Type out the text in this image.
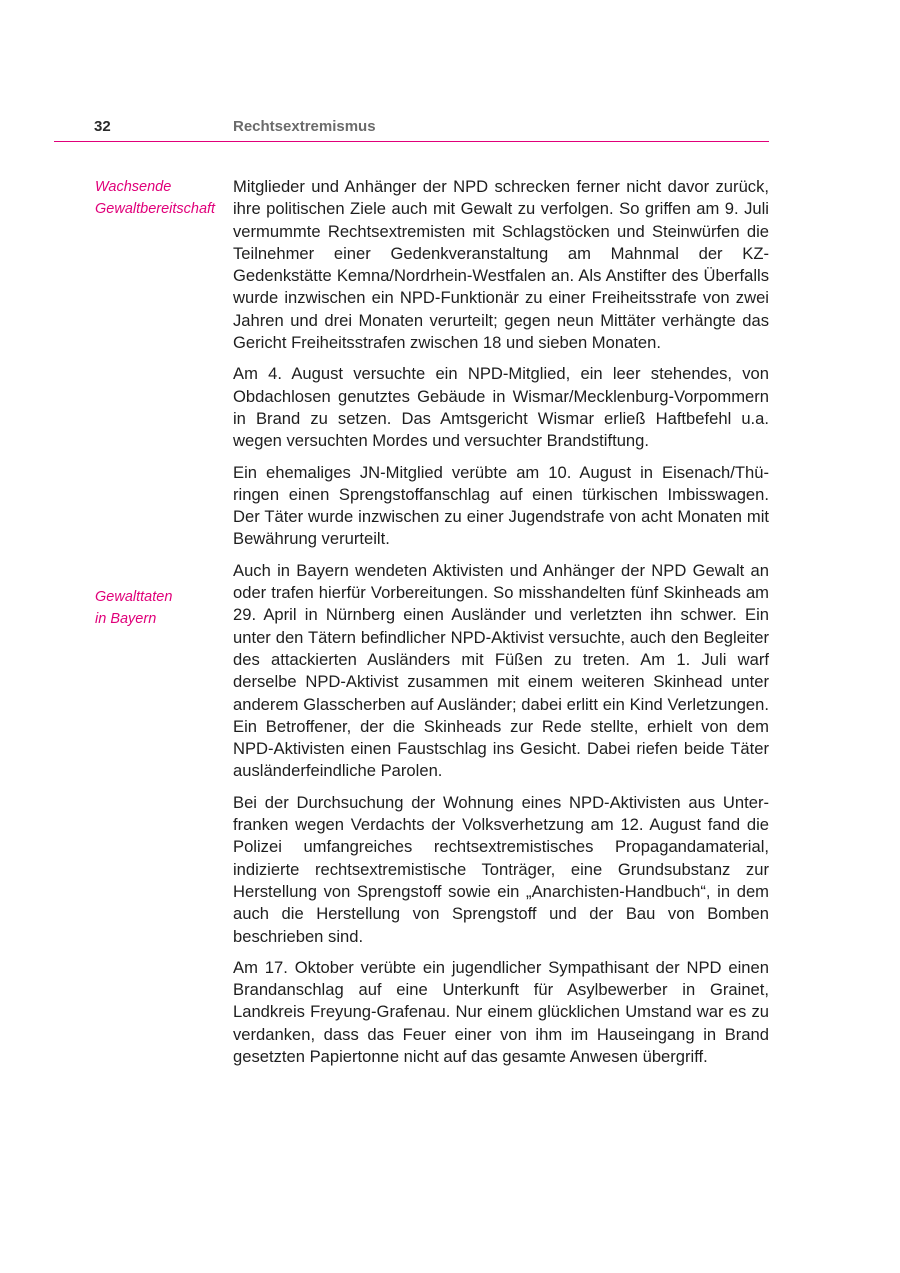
32	Rechtsextremismus
Wachsende
Gewaltbereitschaft
Gewalttaten
in Bayern

Mitglieder und Anhänger der NPD schrecken ferner nicht davor zurück, ihre politischen Ziele auch mit Gewalt zu verfolgen. So griffen am 9. Juli vermummte Rechtsextremisten mit Schlagstöcken und Steinwürfen die Teilnehmer einer Gedenkveranstaltung am Mahnmal der KZ-Gedenkstätte Kemna/Nordrhein-Westfalen an. Als Anstifter des Überfalls wurde inzwischen ein NPD-Funktionär zu einer Freiheitsstrafe von zwei Jahren und drei Monaten verurteilt; gegen neun Mittäter verhängte das Gericht Freiheitsstrafen zwischen 18 und sieben Monaten.

Am 4. August versuchte ein NPD-Mitglied, ein leer stehendes, von Obdachlosen genutztes Gebäude in Wismar/Mecklenburg-Vorpommern in Brand zu setzen. Das Amtsgericht Wismar erließ Haftbefehl u.a. wegen versuchten Mordes und versuchter Brandstiftung.

Ein ehemaliges JN-Mitglied verübte am 10. August in Eisenach/Thüringen einen Sprengstoffanschlag auf einen türkischen Imbisswagen. Der Täter wurde inzwischen zu einer Jugendstrafe von acht Monaten mit Bewährung verurteilt.

Auch in Bayern wendeten Aktivisten und Anhänger der NPD Gewalt an oder trafen hierfür Vorbereitungen. So misshandelten fünf Skinheads am 29. April in Nürnberg einen Ausländer und verletzten ihn schwer. Ein unter den Tätern befindlicher NPD-Aktivist versuchte, auch den Begleiter des attackierten Ausländers mit Füßen zu treten. Am 1. Juli warf derselbe NPD-Aktivist zusammen mit einem weiteren Skinhead unter anderem Glasscherben auf Ausländer; dabei erlitt ein Kind Verletzungen. Ein Betroffener, der die Skinheads zur Rede stellte, erhielt von dem NPD-Aktivisten einen Faustschlag ins Gesicht. Dabei riefen beide Täter ausländerfeindliche Parolen.

Bei der Durchsuchung der Wohnung eines NPD-Aktivisten aus Unterfranken wegen Verdachts der Volksverhetzung am 12. August fand die Polizei umfangreiches rechtsextremistisches Propagandamaterial, indizierte rechtsextremistische Tonträger, eine Grundsubstanz zur Herstellung von Sprengstoff sowie ein „Anarchisten-Handbuch“, in dem auch die Herstellung von Sprengstoff und der Bau von Bomben beschrieben sind.

Am 17. Oktober verübte ein jugendlicher Sympathisant der NPD einen Brandanschlag auf eine Unterkunft für Asylbewerber in Grainet, Landkreis Freyung-Grafenau. Nur einem glücklichen Umstand war es zu verdanken, dass das Feuer einer von ihm im Hauseingang in Brand gesetzten Papiertonne nicht auf das gesamte Anwesen übergriff.
